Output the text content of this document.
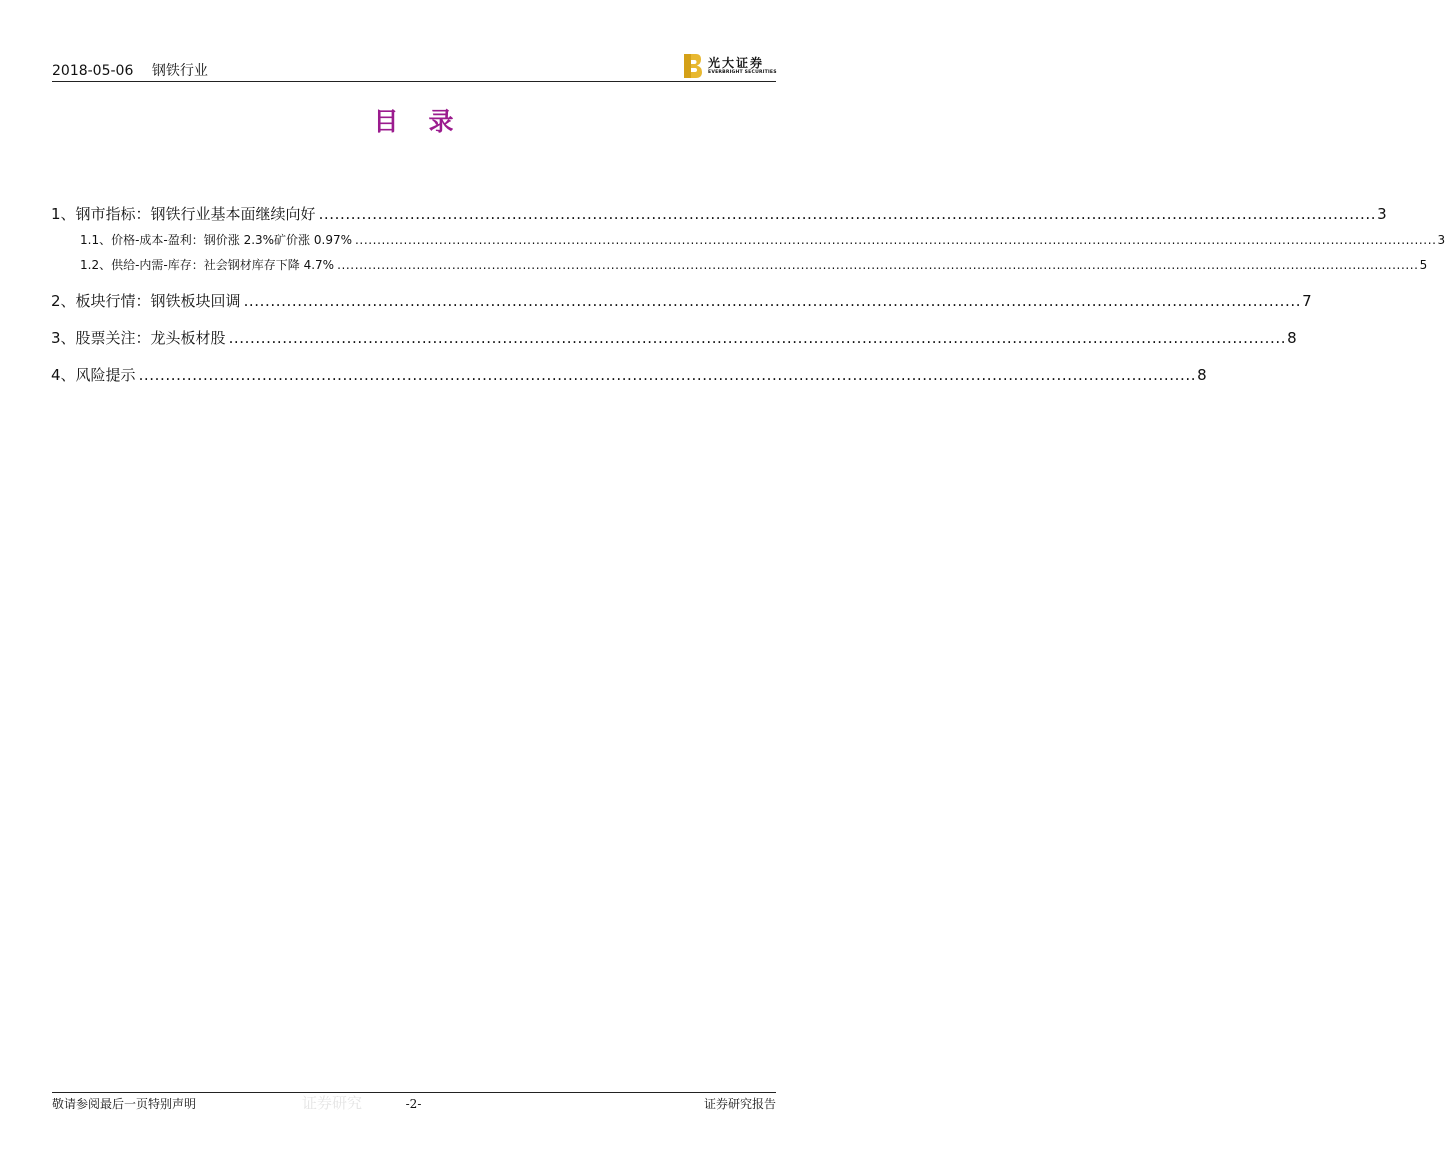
2018-05-06 钢铁行业	光大证券
EVERBRIGHT SECURITIES
目录
1、 钢市指标：钢铁行业基本面继续向好 ..................................................................................................................................................................................................... 3
1.1、 价格-成本-盈利：钢价涨 2.3%矿价涨 0.97% ..................................................................................................................................................................................................................................................... 3
1.2、 供给-内需-库存：社会钢材库存下降 4.7% ..................................................................................................................................................................................................................................................... 5
2、 板块行情：钢铁板块回调 ..................................................................................................................................................................................................... 7
3、 股票关注：龙头板材股 ..................................................................................................................................................................................................... 8
4、 风险提示 ..................................................................................................................................................................................................... 8
证券研究
敬请参阅最后一页特别声明	-2-	证券研究报告
